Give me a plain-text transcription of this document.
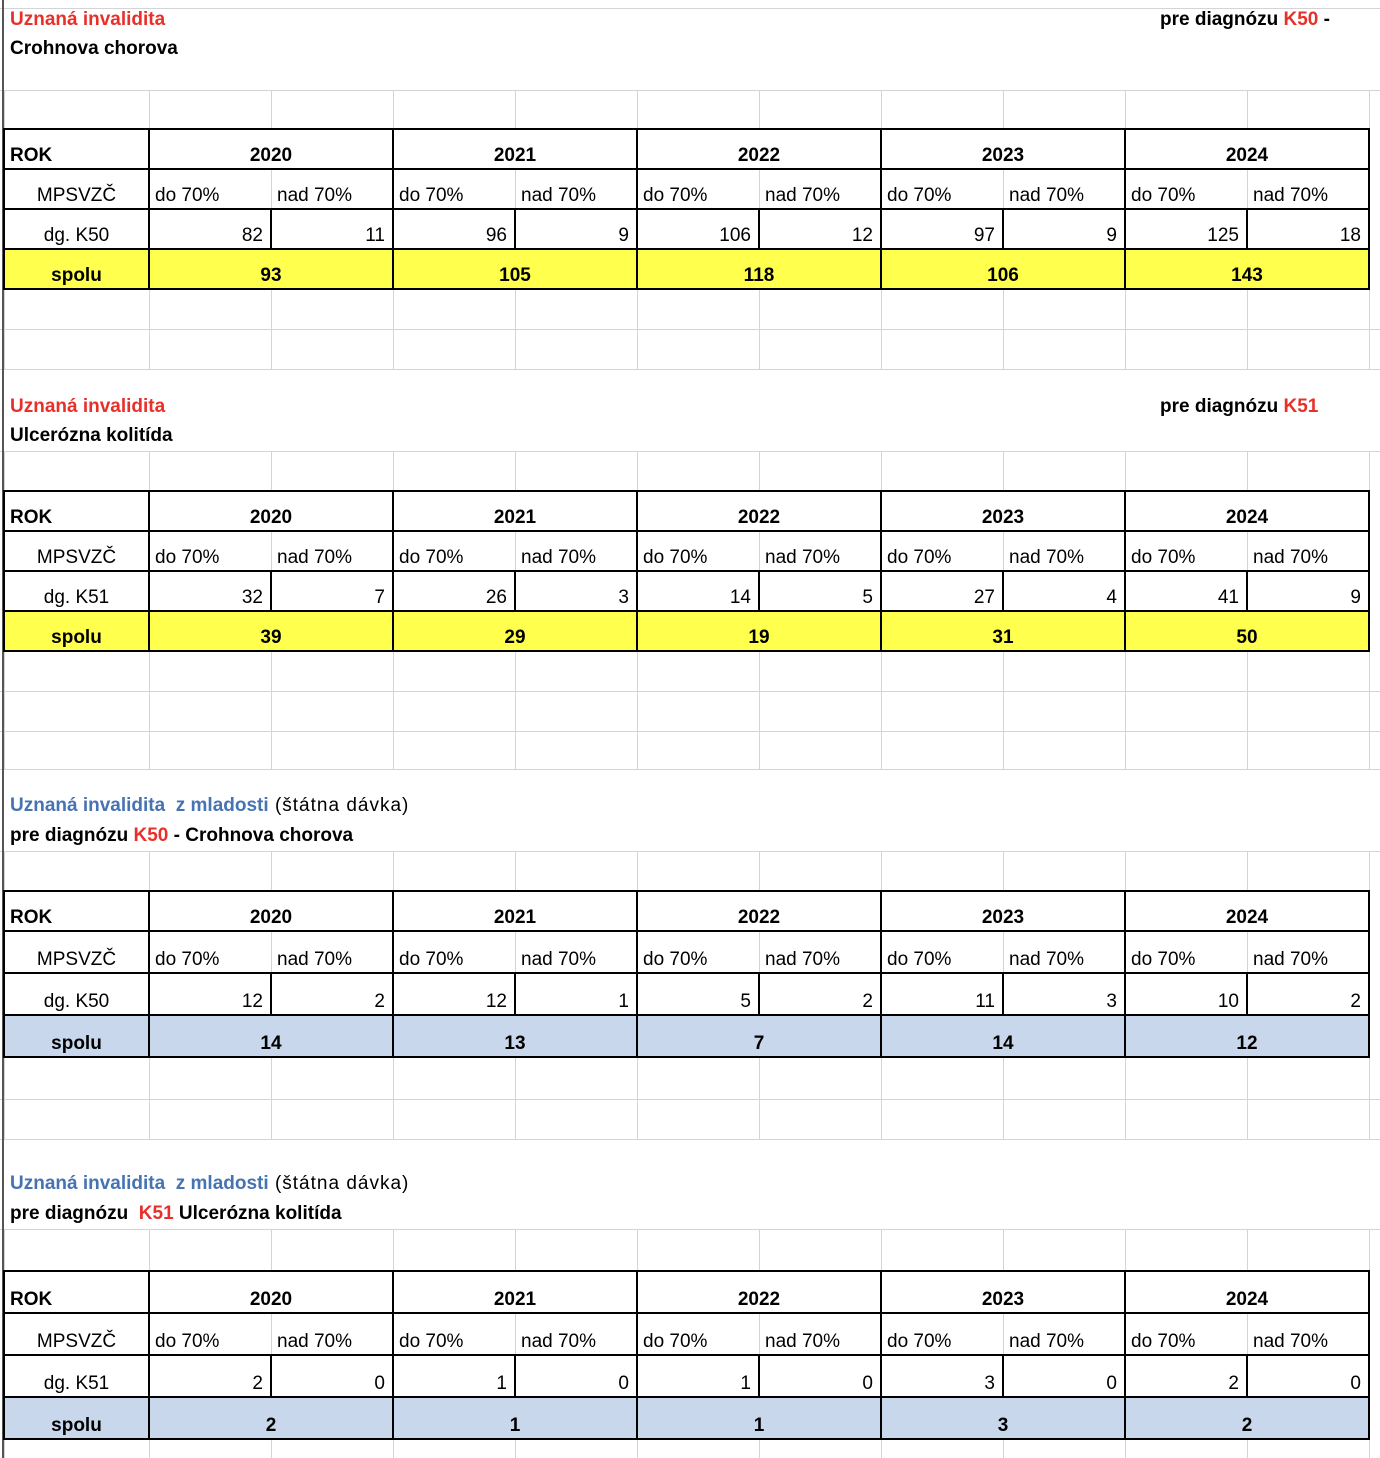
Uznaná invalidita
Crohnova chorova
pre diagnózu K50 -
ROK	2020	2021	2022	2023	2024
MPSVZČ	do 70%	nad 70%	do 70%	nad 70%	do 70%	nad 70%	do 70%	nad 70%	do 70%	nad 70%
dg. K50	82	11	96	9	106	12	97	9	125	18
spolu	93	105	118	106	143
Uznaná invalidita
Ulcerózna kolitída
pre diagnózu K51
ROK	2020	2021	2022	2023	2024
MPSVZČ	do 70%	nad 70%	do 70%	nad 70%	do 70%	nad 70%	do 70%	nad 70%	do 70%	nad 70%
dg. K51	32	7	26	3	14	5	27	4	41	9
spolu	39	29	19	31	50
Uznaná invalidita  z mladosti (štátna dávka)
pre diagnózu K50 - Crohnova chorova
ROK	2020	2021	2022	2023	2024
MPSVZČ	do 70%	nad 70%	do 70%	nad 70%	do 70%	nad 70%	do 70%	nad 70%	do 70%	nad 70%
dg. K50	12	2	12	1	5	2	11	3	10	2
spolu	14	13	7	14	12
Uznaná invalidita  z mladosti (štátna dávka)
pre diagnózu  K51 Ulcerózna kolitída
ROK	2020	2021	2022	2023	2024
MPSVZČ	do 70%	nad 70%	do 70%	nad 70%	do 70%	nad 70%	do 70%	nad 70%	do 70%	nad 70%
dg. K51	2	0	1	0	1	0	3	0	2	0
spolu	2	1	1	3	2
